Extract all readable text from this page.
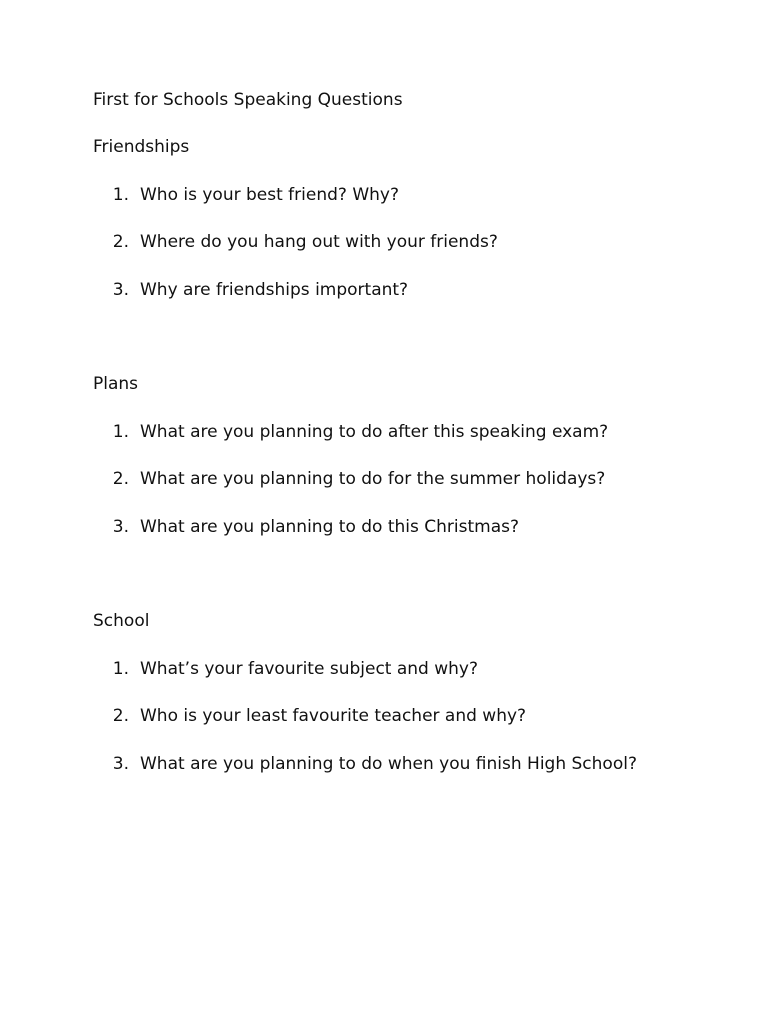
First for Schools Speaking Questions
Friendships
1. Who is your best friend? Why?
2. Where do you hang out with your friends?
3. Why are friendships important?
Plans
1. What are you planning to do after this speaking exam?
2. What are you planning to do for the summer holidays?
3. What are you planning to do this Christmas?
School
1. What’s your favourite subject and why?
2. Who is your least favourite teacher and why?
3. What are you planning to do when you finish High School?
